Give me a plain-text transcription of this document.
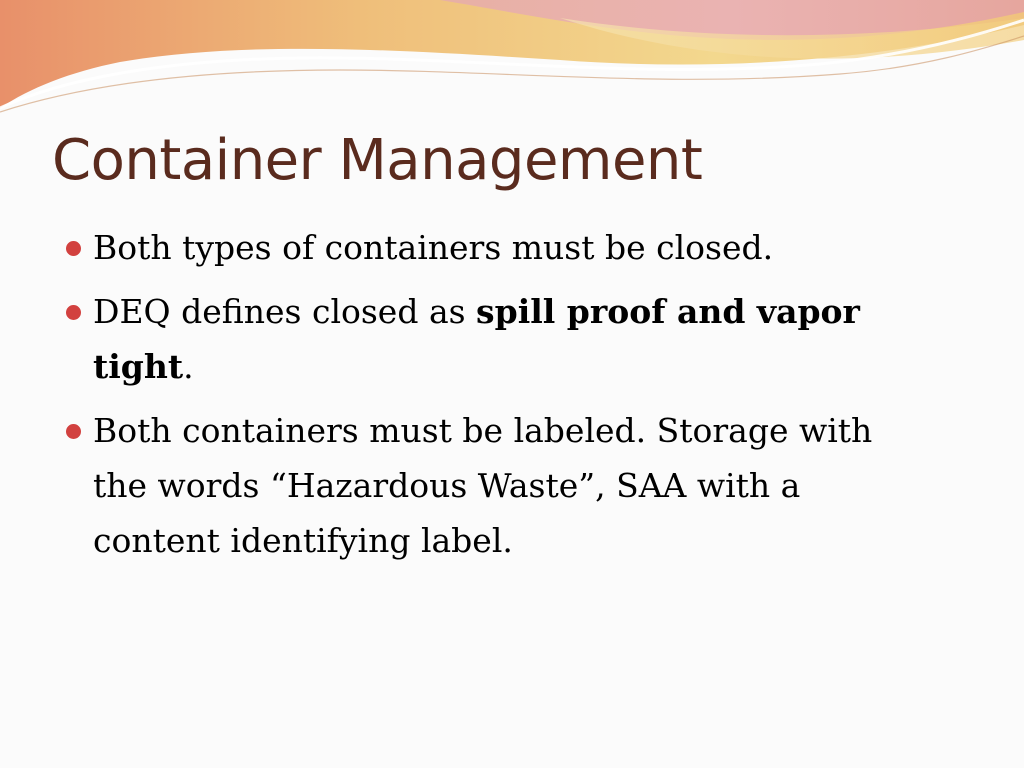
Container Management
Both types of containers must be closed.
DEQ defines closed as spill proof and vapor tight.
Both containers must be labeled. Storage with the words “Hazardous Waste”, SAA with a content identifying label.
